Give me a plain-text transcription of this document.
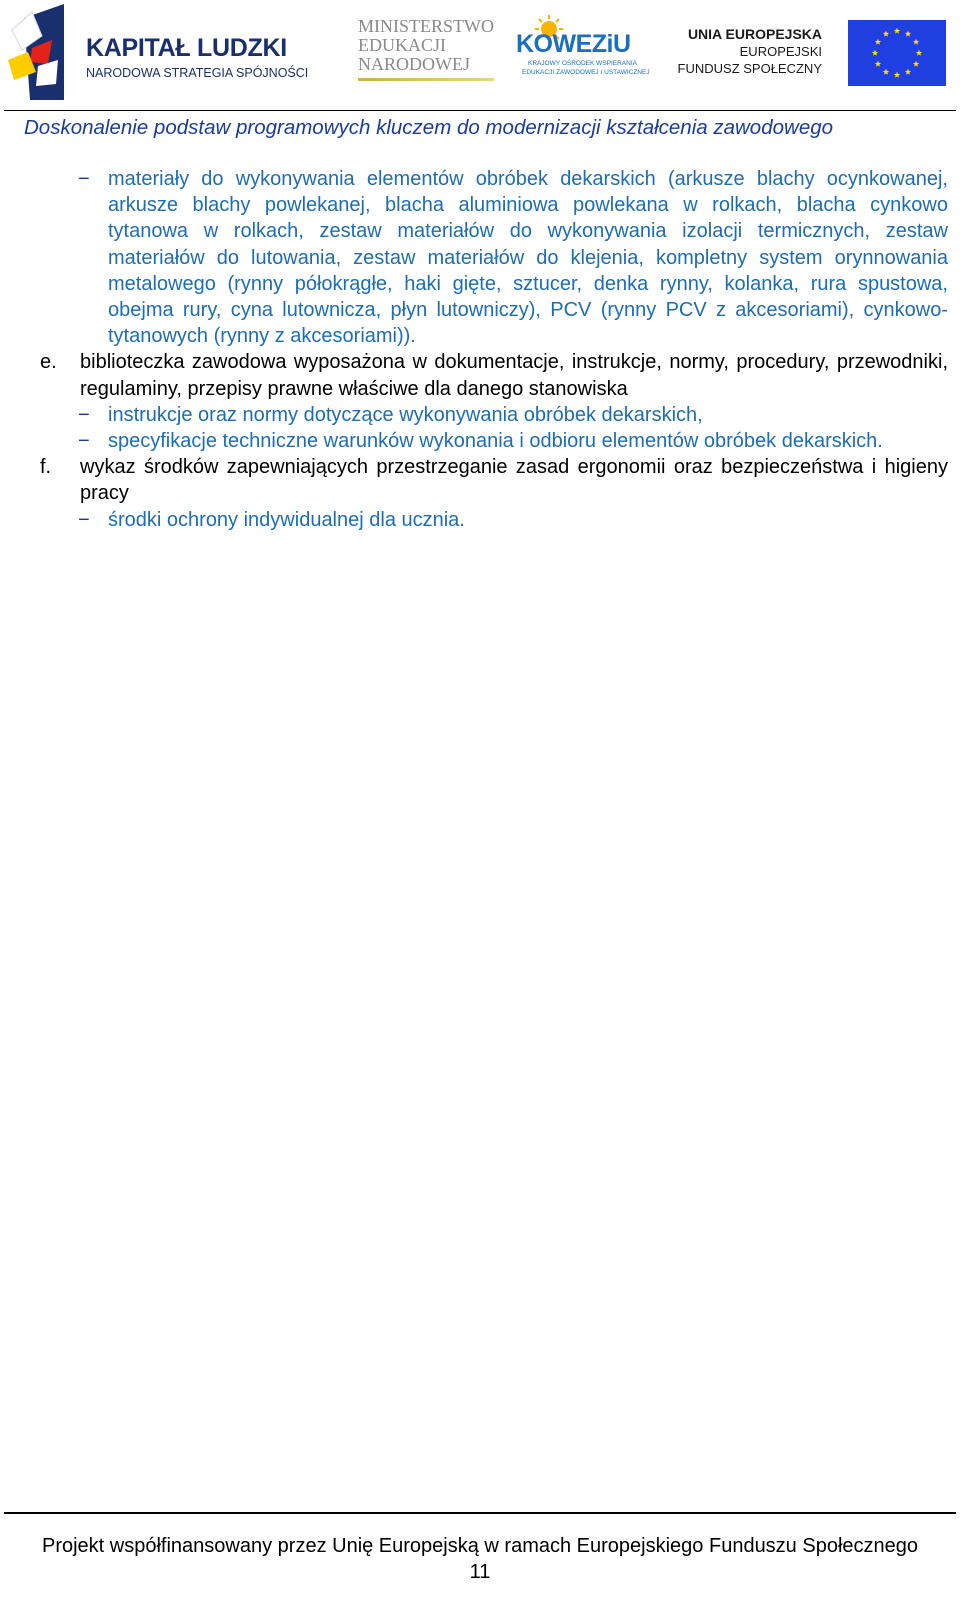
KAPITAŁ LUDZKI
NARODOWA STRATEGIA SPÓJNOŚCI
MINISTERSTWO
EDUKACJI
NARODOWEJ
KOWEZiU
KRAJOWY OŚRODEK WSPIERANIA
EDUKACJI ZAWODOWEJ I USTAWICZNEJ
UNIA EUROPEJSKA
EUROPEJSKI
FUNDUSZ SPOŁECZNY
Doskonalenie podstaw programowych kluczem do modernizacji kształcenia zawodowego
− materiały do wykonywania elementów obróbek dekarskich (arkusze blachy ocynkowanej, arkusze blachy powlekanej, blacha aluminiowa powlekana w rolkach, blacha cynkowo tytanowa w rolkach, zestaw materiałów do wykonywania izolacji termicznych, zestaw materiałów do lutowania, zestaw materiałów do klejenia, kompletny system orynnowania metalowego (rynny półokrągłe, haki gięte, sztucer, denka rynny, kolanka, rura spustowa, obejma rury, cyna lutownicza, płyn lutowniczy), PCV (rynny PCV z akcesoriami), cynkowo-tytanowych (rynny z akcesoriami)).
e. biblioteczka zawodowa wyposażona w dokumentacje, instrukcje, normy, procedury, przewodniki, regulaminy, przepisy prawne właściwe dla danego stanowiska
− instrukcje oraz normy dotyczące wykonywania obróbek dekarskich,
− specyfikacje techniczne warunków wykonania i odbioru elementów obróbek dekarskich.
f. wykaz środków zapewniających przestrzeganie zasad ergonomii oraz bezpieczeństwa i higieny pracy
− środki ochrony indywidualnej dla ucznia.
Projekt współfinansowany przez Unię Europejską w ramach Europejskiego Funduszu Społecznego
11
